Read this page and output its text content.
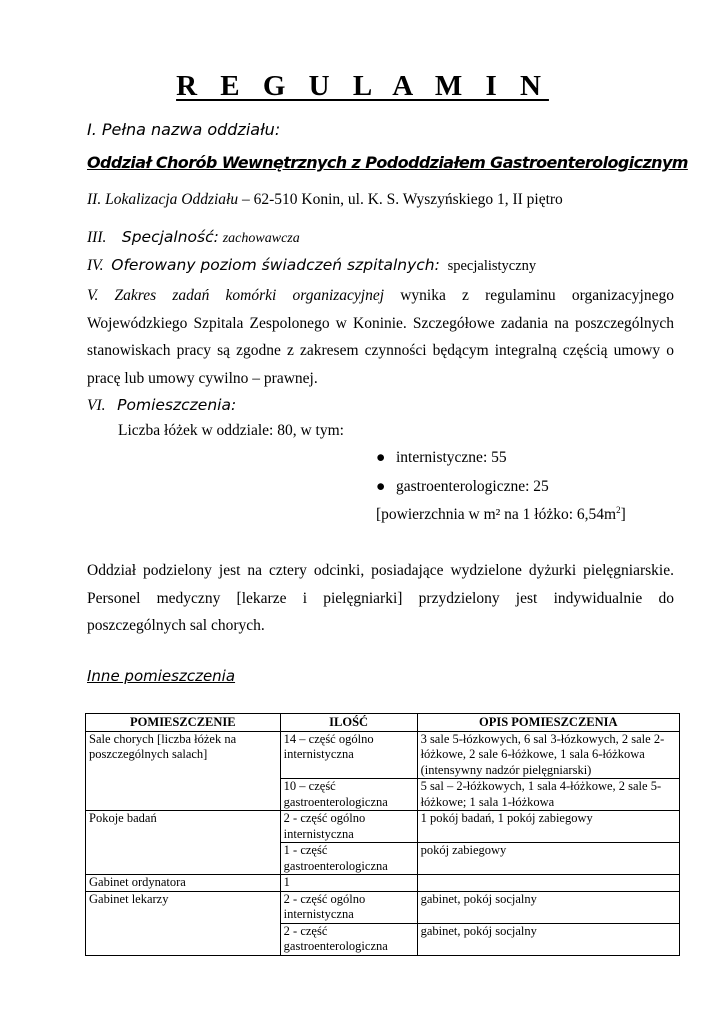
R E G U L A M I N
I. Pełna nazwa oddziału:
Oddział Chorób Wewnętrznych z Pododdziałem Gastroenterologicznym
II. Lokalizacja Oddziału – 62-510 Konin, ul. K. S. Wyszyńskiego 1, II piętro
III. Specjalność: zachowawcza
IV. Oferowany poziom świadczeń szpitalnych: specjalistyczny
V. Zakres zadań komórki organizacyjnej wynika z regulaminu organizacyjnego Wojewódzkiego Szpitala Zespolonego w Koninie. Szczegółowe zadania na poszczególnych stanowiskach pracy są zgodne z zakresem czynności będącym integralną częścią umowy o pracę lub umowy cywilno – prawnej.
VI. Pomieszczenia:
Liczba łóżek w oddziale: 80, w tym:
● internistyczne: 55
● gastroenterologiczne: 25
[powierzchnia w m² na 1 łóżko: $6,54m^2$]
Oddział podzielony jest na cztery odcinki, posiadające wydzielone dyżurki pielęgniarskie. Personel medyczny [lekarze i pielęgniarki] przydzielony jest indywidualnie do poszczególnych sal chorych.
Inne pomieszczenia
POMIESZCZENIE	ILOŚĆ	OPIS POMIESZCZENIA
Sale chorych [liczba łóżek na poszczególnych salach]	14 – część ogólno internistyczna	3 sale 5-łózkowych, 6 sal 3-łózkowych, 2 sale 2-łóżkowe, 2 sale 6-łóżkowe, 1 sala 6-łóżkowa (intensywny nadzór pielęgniarski)
	10 – część gastroenterologiczna	5 sal – 2-łóżkowych, 1 sala 4-łóżkowe, 2 sale 5-łóżkowe; 1 sala 1-łóżkowa
Pokoje badań	2 - część ogólno internistyczna	1 pokój badań, 1 pokój zabiegowy
	1 - część gastroenterologiczna	pokój zabiegowy
Gabinet ordynatora	1	
Gabinet lekarzy	2 - część ogólno internistyczna	gabinet, pokój socjalny
	2 - część gastroenterologiczna	gabinet, pokój socjalny
